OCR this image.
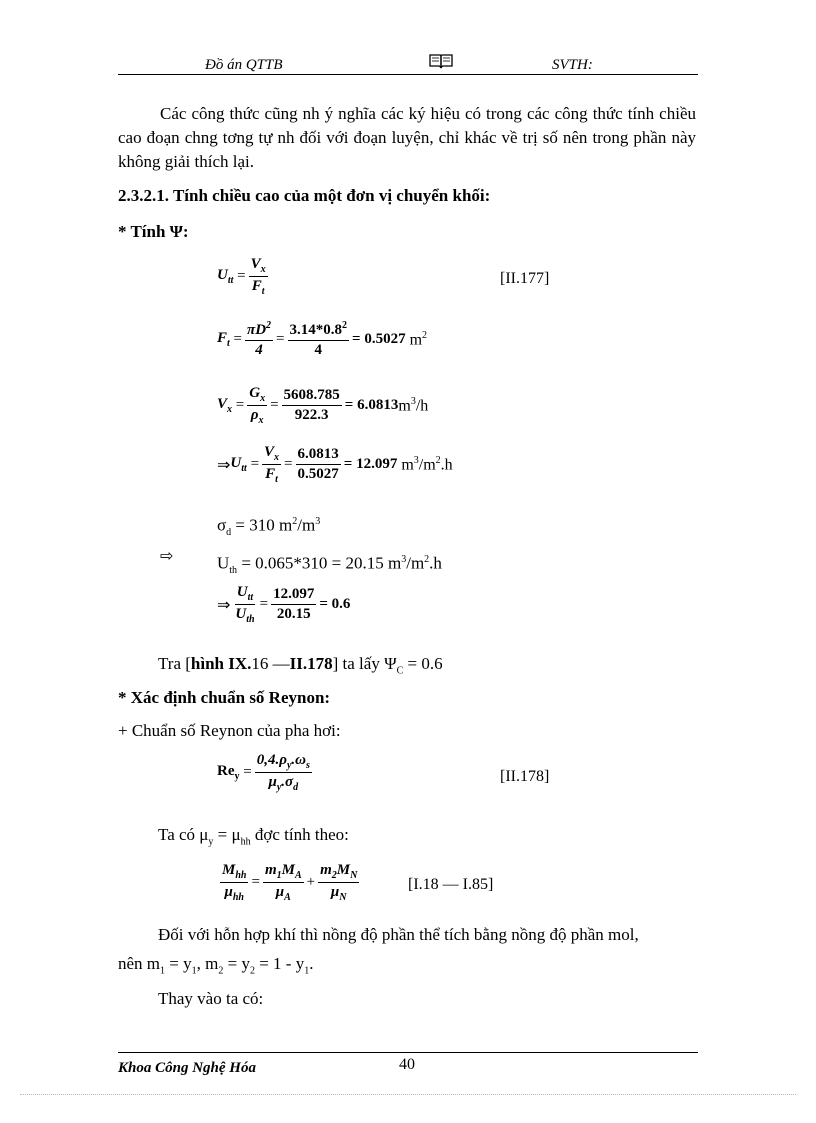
Đồ án QTTB	SVTH:
Các công thức cũng nh ý nghĩa các ký hiệu có trong các công thức tính chiều cao đoạn chng tơng tự nh đối với đoạn luyện, chỉ khác về trị số nên trong phần này không giải thích lại.
2.3.2.1. Tính chiều cao của một đơn vị chuyển khối:
* Tính Ψ:
$U_{tt} = \frac{V_x}{F_t}$	[II.177]
$F_t = \frac{\pi D^2}{4} = \frac{3.14*0.8^2}{4} = 0.5027$ $m^2$
$V_x = \frac{G_x}{\rho_x} = \frac{5608.785}{922.3} = 6.0813$ $m^3/h$
⇒ $U_{tt} = \frac{V_x}{F_t} = \frac{6.0813}{0.5027} = 12.097$ $m^3/m^2.h$
$\sigma_d = 310$ $m^2/m^3$
⇨	$U_{th} = 0.065*310 = 20.15$ $m^3/m^2.h$
⇒ $\frac{U_{tt}}{U_{th}} = \frac{12.097}{20.15} = 0.6$
Tra [hình IX.16 —II.178] ta lấy $\Psi_C = 0.6$
* Xác định chuẩn số Reynon:
+ Chuẩn số Reynon của pha hơi:
$Re_y = \frac{0,4.\rho_y.\omega_s}{\mu_y.\sigma_d}$	[II.178]
Ta có $\mu_y = \mu_{hh}$ đợc tính theo:
$\frac{M_{hh}}{\mu_{hh}} = \frac{m_1M_A}{\mu_A} + \frac{m_2M_N}{\mu_N}$	[I.18 — I.85]
Đối với hỗn hợp khí thì nồng độ phần thể tích bằng nồng độ phần mol,
nên $m_1 = y_1$, $m_2 = y_2 = 1 - y_1$.
Thay vào ta có:
Khoa Công Nghệ Hóa	40
